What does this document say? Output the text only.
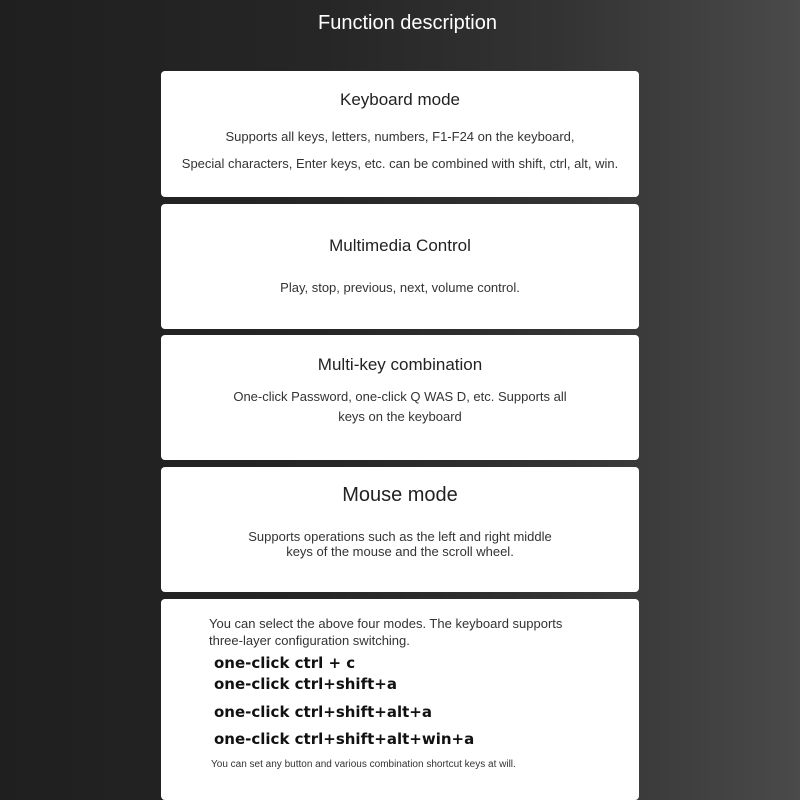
Function description
Keyboard mode
Supports all keys, letters, numbers, F1-F24 on the keyboard,
Special characters, Enter keys, etc. can be combined with shift, ctrl, alt, win.
Multimedia Control
Play, stop, previous, next, volume control.
Multi-key combination
One-click Password, one-click Q WAS D, etc. Supports all
keys on the keyboard
Mouse mode
Supports operations such as the left and right middle
keys of the mouse and the scroll wheel.
You can select the above four modes. The keyboard supports three-layer configuration switching.
one-click ctrl + c
one-click ctrl+shift+a
one-click ctrl+shift+alt+a
one-click ctrl+shift+alt+win+a
You can set any button and various combination shortcut keys at will.
